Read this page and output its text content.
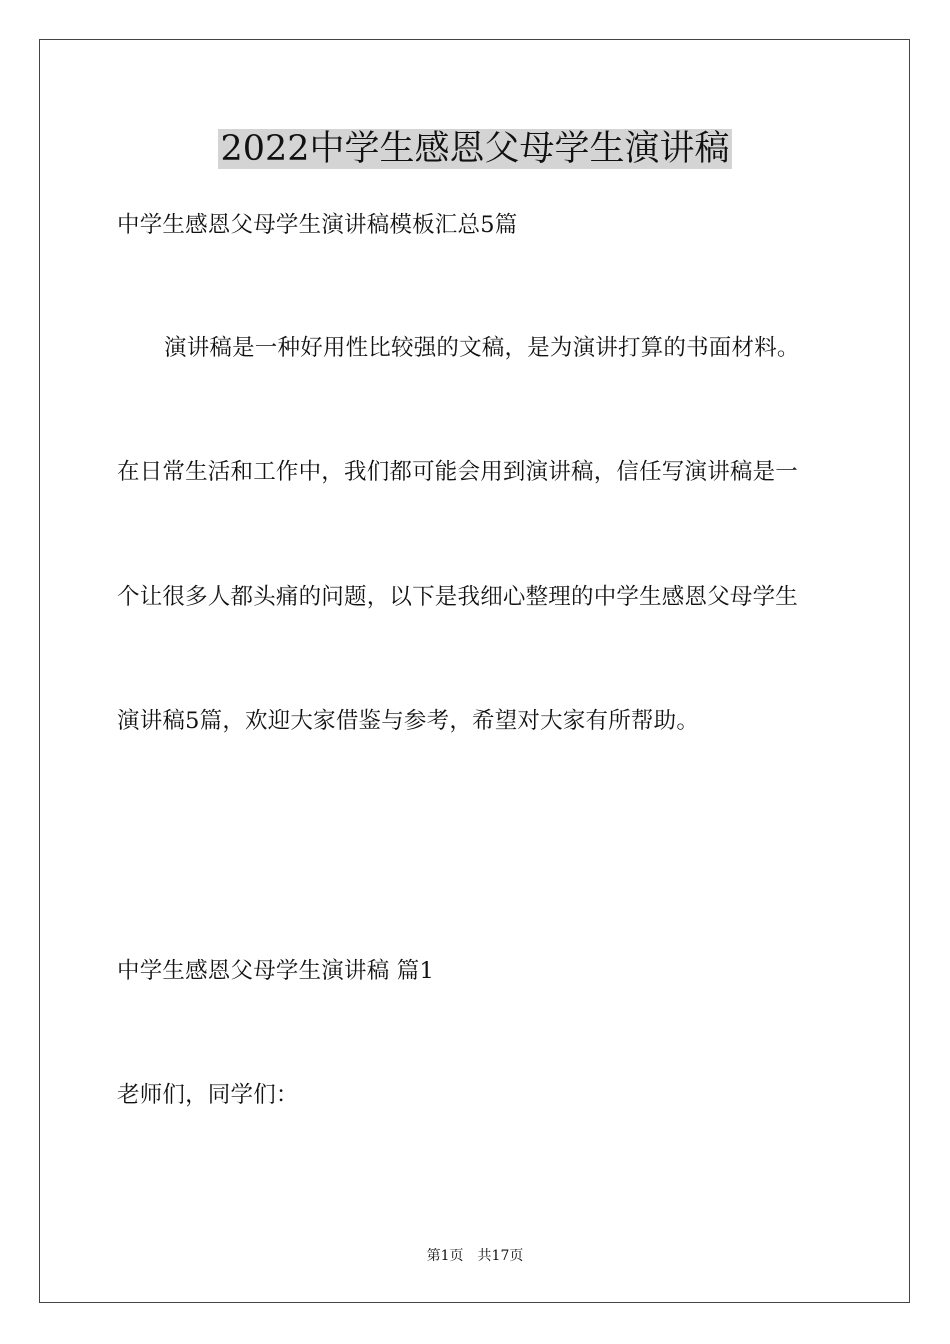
2022中学生感恩父母学生演讲稿
中学生感恩父母学生演讲稿模板汇总5篇
演讲稿是一种好用性比较强的文稿，是为演讲打算的书面材料。
在日常生活和工作中，我们都可能会用到演讲稿，信任写演讲稿是一
个让很多人都头痛的问题，以下是我细心整理的中学生感恩父母学生
演讲稿5篇，欢迎大家借鉴与参考，希望对大家有所帮助。
中学生感恩父母学生演讲稿 篇1
老师们，同学们：
第1页　共17页
